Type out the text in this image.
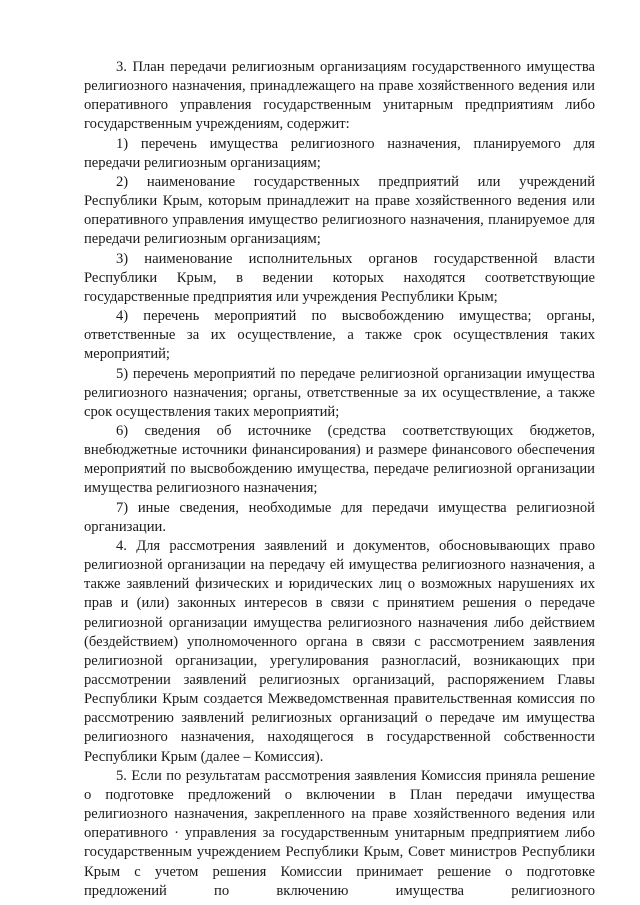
3. План передачи религиозным организациям государственного имущества религиозного назначения, принадлежащего на праве хозяйственного ведения или оперативного управления государственным унитарным предприятиям либо государственным учреждениям, содержит:

1) перечень имущества религиозного назначения, планируемого для передачи религиозным организациям;

2) наименование государственных предприятий или учреждений Республики Крым, которым принадлежит на праве хозяйственного ведения или оперативного управления имущество религиозного назначения, планируемое для передачи религиозным организациям;

3) наименование исполнительных органов государственной власти Республики Крым, в ведении которых находятся соответствующие государственные предприятия или учреждения Республики Крым;

4) перечень мероприятий по высвобождению имущества; органы, ответственные за их осуществление, а также срок осуществления таких мероприятий;

5) перечень мероприятий по передаче религиозной организации имущества религиозного назначения; органы, ответственные за их осуществление, а также срок осуществления таких мероприятий;

6) сведения об источнике (средства соответствующих бюджетов, внебюджетные источники финансирования) и размере финансового обеспечения мероприятий по высвобождению имущества, передаче религиозной организации имущества религиозного назначения;

7) иные сведения, необходимые для передачи имущества религиозной организации.

4. Для рассмотрения заявлений и документов, обосновывающих право религиозной организации на передачу ей имущества религиозного назначения, а также заявлений физических и юридических лиц о возможных нарушениях их прав и (или) законных интересов в связи с принятием решения о передаче религиозной организации имущества религиозного назначения либо действием (бездействием) уполномоченного органа в связи с рассмотрением заявления религиозной организации, урегулирования разногласий, возникающих при рассмотрении заявлений религиозных организаций, распоряжением Главы Республики Крым создается Межведомственная правительственная комиссия по рассмотрению заявлений религиозных организаций о передаче им имущества религиозного назначения, находящегося в государственной собственности Республики Крым (далее – Комиссия).

5. Если по результатам рассмотрения заявления Комиссия приняла решение о подготовке предложений о включении в План передачи имущества религиозного назначения, закрепленного на праве хозяйственного ведения или оперативного · управления за государственным унитарным предприятием либо государственным учреждением Республики Крым, Совет министров Республики Крым с учетом решения Комиссии принимает решение о подготовке предложений по включению имущества религиозного
